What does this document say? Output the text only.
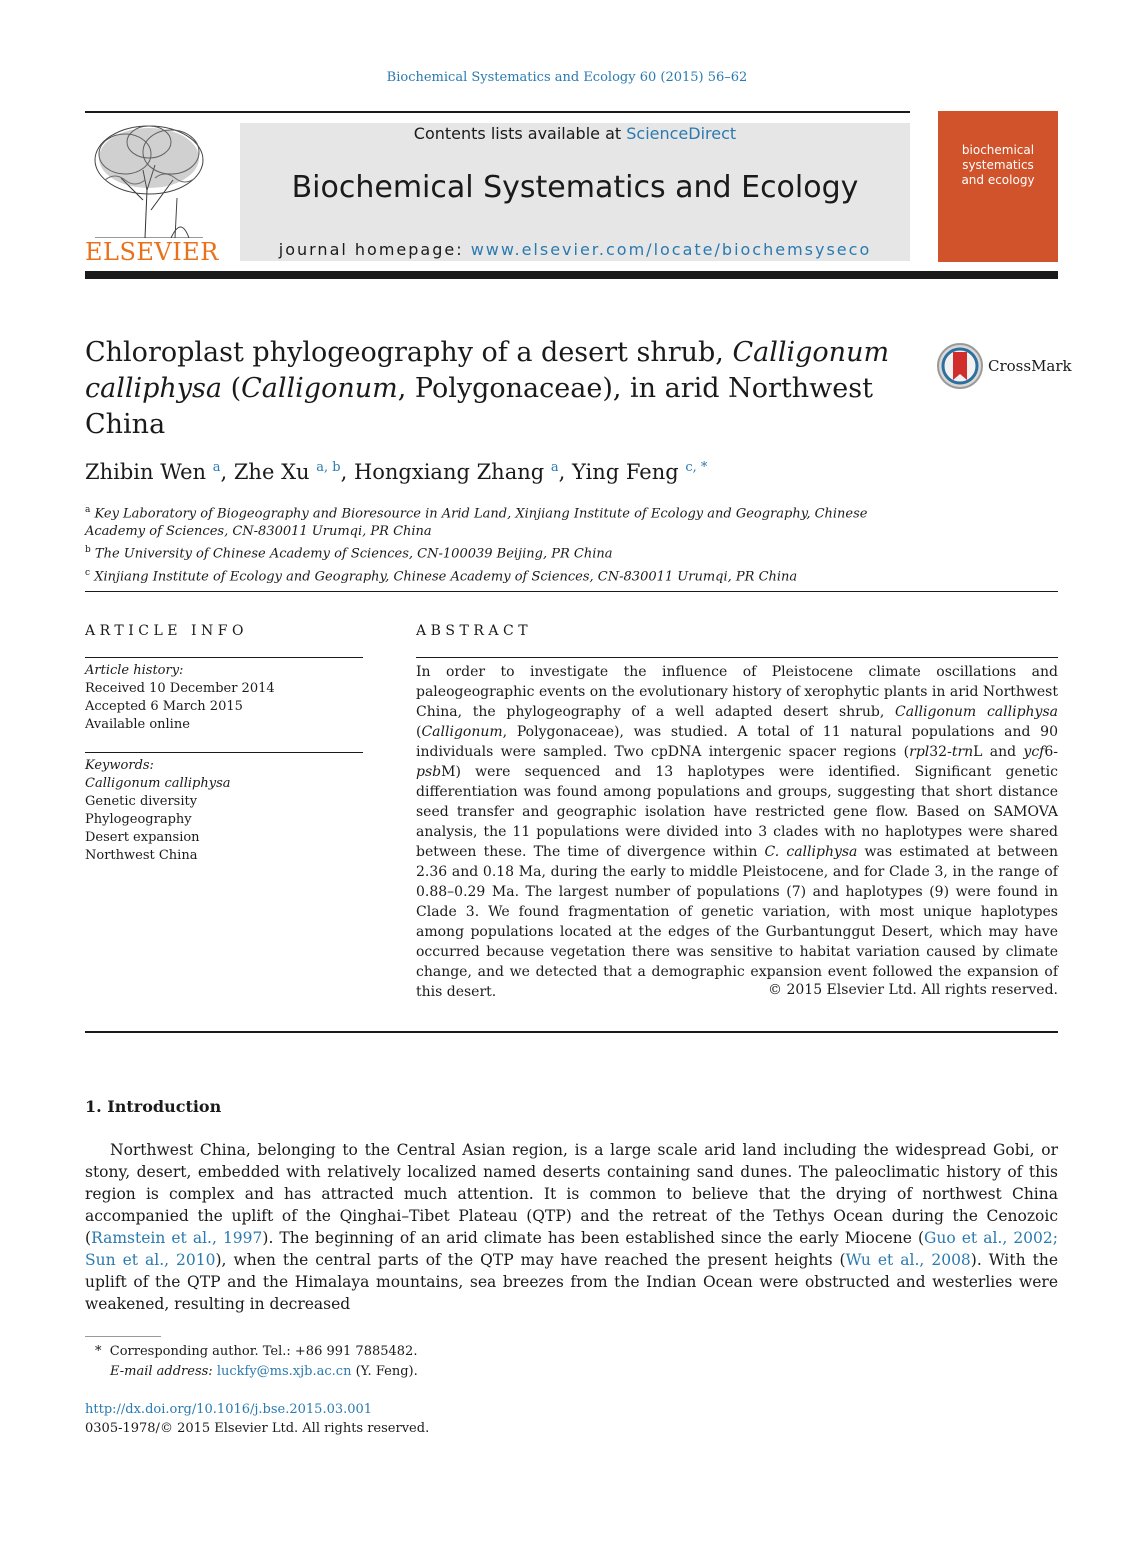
Biochemical Systematics and Ecology 60 (2015) 56–62
ELSEVIER
Contents lists available at ScienceDirect
Biochemical Systematics and Ecology
journal homepage: www.elsevier.com/locate/biochemsyseco
biochemical
systematics
and ecology
Chloroplast phylogeography of a desert shrub, Calligonum calliphysa (Calligonum, Polygonaceae), in arid Northwest China
CrossMark
Zhibin Wen $^a$, Zhe Xu $^{a, b}$, Hongxiang Zhang $^a$, Ying Feng $^{c, *}$
$^a$ Key Laboratory of Biogeography and Bioresource in Arid Land, Xinjiang Institute of Ecology and Geography, Chinese Academy of Sciences, CN-830011 Urumqi, PR China
$^b$ The University of Chinese Academy of Sciences, CN-100039 Beijing, PR China
$^c$ Xinjiang Institute of Ecology and Geography, Chinese Academy of Sciences, CN-830011 Urumqi, PR China
ARTICLE INFO	ABSTRACT
Article history:
Received 10 December 2014
Accepted 6 March 2015
Available online
Keywords:
Calligonum calliphysa
Genetic diversity
Phylogeography
Desert expansion
Northwest China
In order to investigate the influence of Pleistocene climate oscillations and paleogeographic events on the evolutionary history of xerophytic plants in arid Northwest China, the phylogeography of a well adapted desert shrub, Calligonum calliphysa (Calligonum, Polygonaceae), was studied. A total of 11 natural populations and 90 individuals were sampled. Two cpDNA intergenic spacer regions (rpl32-trnL and ycf6-psbM) were sequenced and 13 haplotypes were identified. Significant genetic differentiation was found among populations and groups, suggesting that short distance seed transfer and geographic isolation have restricted gene flow. Based on SAMOVA analysis, the 11 populations were divided into 3 clades with no haplotypes were shared between these. The time of divergence within C. calliphysa was estimated at between 2.36 and 0.18 Ma, during the early to middle Pleistocene, and for Clade 3, in the range of 0.88–0.29 Ma. The largest number of populations (7) and haplotypes (9) were found in Clade 3. We found fragmentation of genetic variation, with most unique haplotypes among populations located at the edges of the Gurbantunggut Desert, which may have occurred because vegetation there was sensitive to habitat variation caused by climate change, and we detected that a demographic expansion event followed the expansion of this desert.	© 2015 Elsevier Ltd. All rights reserved.
1. Introduction
Northwest China, belonging to the Central Asian region, is a large scale arid land including the widespread Gobi, or stony, desert, embedded with relatively localized named deserts containing sand dunes. The paleoclimatic history of this region is complex and has attracted much attention. It is common to believe that the drying of northwest China accompanied the uplift of the Qinghai–Tibet Plateau (QTP) and the retreat of the Tethys Ocean during the Cenozoic (Ramstein et al., 1997). The beginning of an arid climate has been established since the early Miocene (Guo et al., 2002; Sun et al., 2010), when the central parts of the QTP may have reached the present heights (Wu et al., 2008). With the uplift of the QTP and the Himalaya mountains, sea breezes from the Indian Ocean were obstructed and westerlies were weakened, resulting in decreased
* Corresponding author. Tel.: +86 991 7885482.
E-mail address: luckfy@ms.xjb.ac.cn (Y. Feng).
http://dx.doi.org/10.1016/j.bse.2015.03.001
0305-1978/© 2015 Elsevier Ltd. All rights reserved.
